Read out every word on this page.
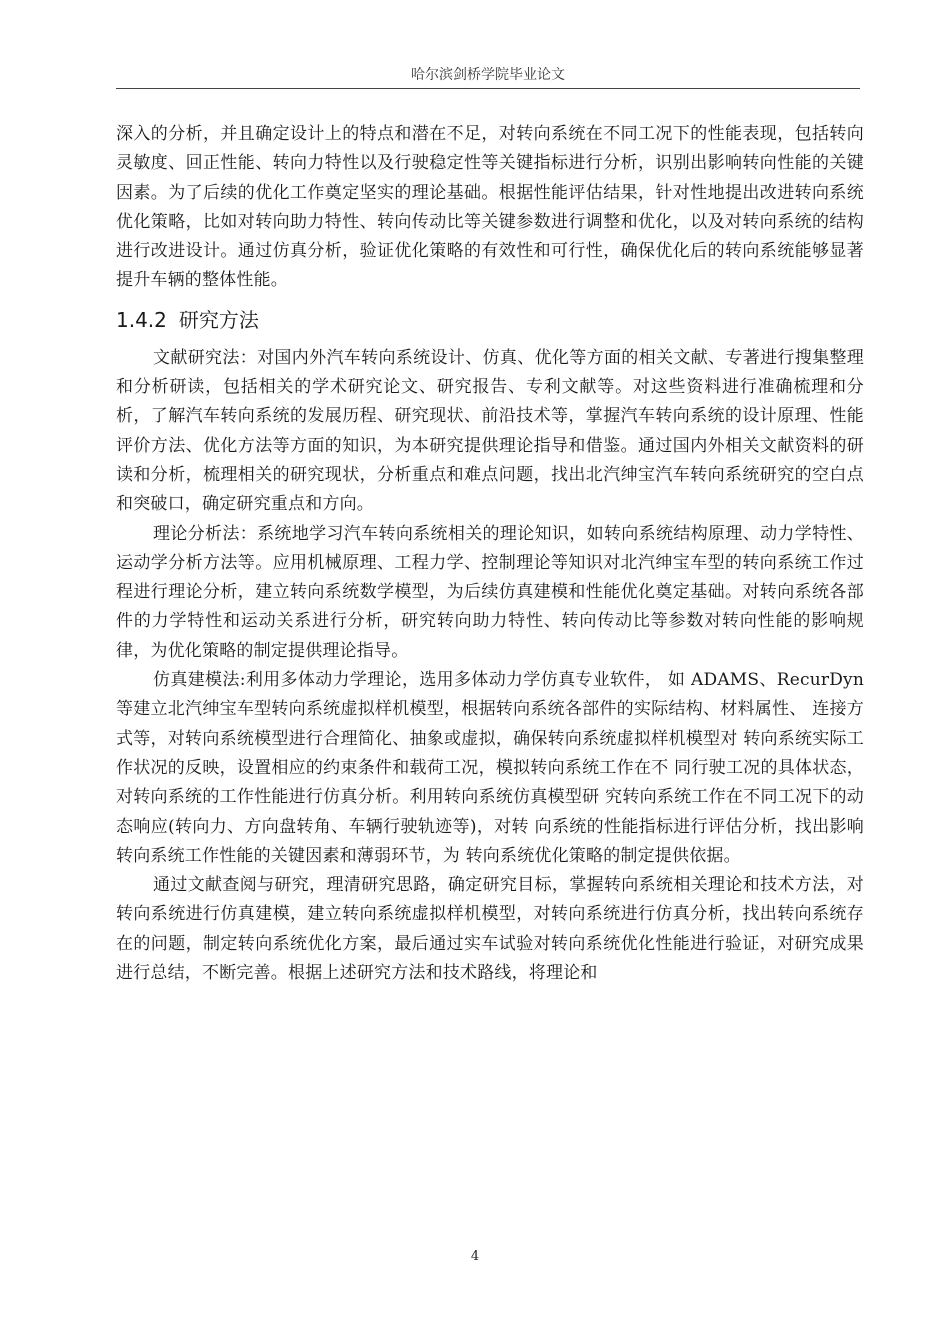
哈尔滨剑桥学院毕业论文

深入的分析，并且确定设计上的特点和潜在不足，对转向系统在不同工况下的性能表现，包括转向灵敏度、回正性能、转向力特性以及行驶稳定性等关键指标进行分析，识别出影响转向性能的关键因素。为了后续的优化工作奠定坚实的理论基础。根据性能评估结果，针对性地提出改进转向系统优化策略，比如对转向助力特性、转向传动比等关键参数进行调整和优化，以及对转向系统的结构进行改进设计。通过仿真分析，验证优化策略的有效性和可行性，确保优化后的转向系统能够显著提升车辆的整体性能。

1.4.2 研究方法

文献研究法：对国内外汽车转向系统设计、仿真、优化等方面的相关文献、专著进行搜集整理和分析研读，包括相关的学术研究论文、研究报告、专利文献等。对这些资料进行准确梳理和分析，了解汽车转向系统的发展历程、研究现状、前沿技术等，掌握汽车转向系统的设计原理、性能评价方法、优化方法等方面的知识，为本研究提供理论指导和借鉴。通过国内外相关文献资料的研读和分析，梳理相关的研究现状，分析重点和难点问题，找出北汽绅宝汽车转向系统研究的空白点和突破口，确定研究重点和方向。

理论分析法：系统地学习汽车转向系统相关的理论知识，如转向系统结构原理、动力学特性、运动学分析方法等。应用机械原理、工程力学、控制理论等知识对北汽绅宝车型的转向系统工作过程进行理论分析，建立转向系统数学模型，为后续仿真建模和性能优化奠定基础。对转向系统各部件的力学特性和运动关系进行分析，研究转向助力特性、转向传动比等参数对转向性能的影响规律，为优化策略的制定提供理论指导。

仿真建模法:利用多体动力学理论，选用多体动力学仿真专业软件， 如 ADAMS、RecurDyn 等建立北汽绅宝车型转向系统虚拟样机模型，根据转向系统各部件的实际结构、材料属性、 连接方式等，对转向系统模型进行合理简化、抽象或虚拟，确保转向系统虚拟样机模型对 转向系统实际工作状况的反映，设置相应的约束条件和载荷工况，模拟转向系统工作在不 同行驶工况的具体状态，对转向系统的工作性能进行仿真分析。利用转向系统仿真模型研 究转向系统工作在不同工况下的动态响应(转向力、方向盘转角、车辆行驶轨迹等)，对转 向系统的性能指标进行评估分析，找出影响转向系统工作性能的关键因素和薄弱环节，为 转向系统优化策略的制定提供依据。

通过文献查阅与研究，理清研究思路，确定研究目标，掌握转向系统相关理论和技术方法，对转向系统进行仿真建模，建立转向系统虚拟样机模型，对转向系统进行仿真分析，找出转向系统存在的问题，制定转向系统优化方案，最后通过实车试验对转向系统优化性能进行验证，对研究成果进行总结，不断完善。根据上述研究方法和技术路线，将理论和

4
